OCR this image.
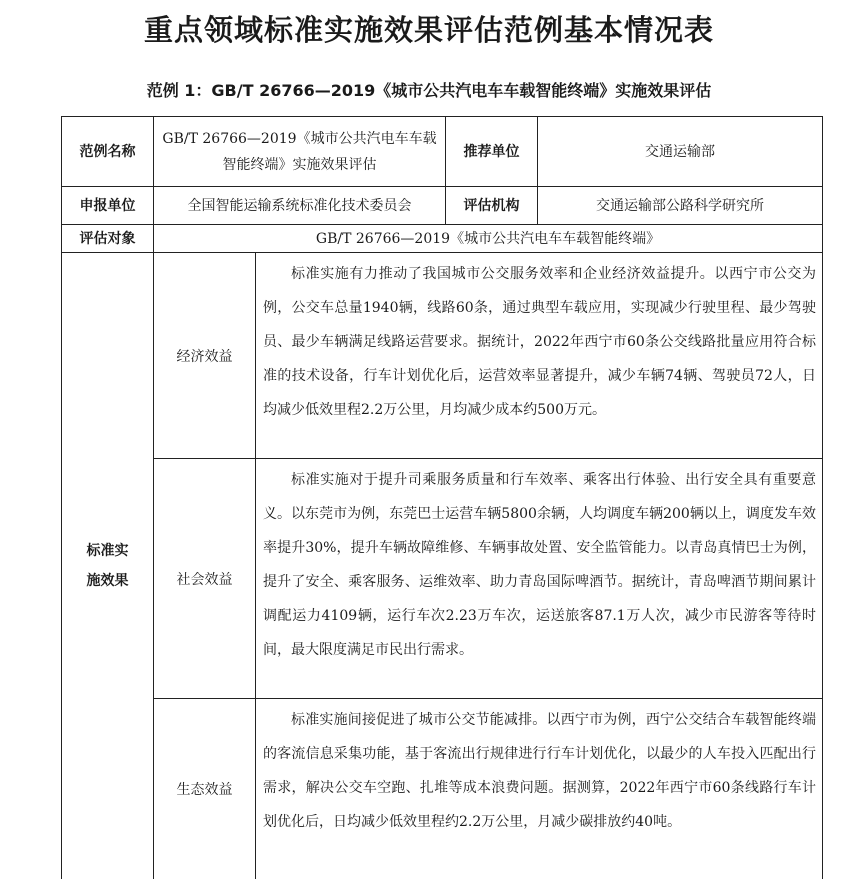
重点领域标准实施效果评估范例基本情况表
范例 1：GB/T 26766—2019《城市公共汽电车车载智能终端》实施效果评估
范例名称	GB/T 26766—2019《城市公共汽电车车载智能终端》实施效果评估		推荐单位	交通运输部
申报单位	全国智能运输系统标准化技术委员会		评估机构	交通运输部公路科学研究所
评估对象	GB/T 26766—2019《城市公共汽电车车载智能终端》			
标准实施效果	经济效益	标准实施有力推动了我国城市公交服务效率和企业经济效益提升。以西宁市公交为例，公交车总量1940辆，线路60条，通过典型车载应用，实现减少行驶里程、最少驾驶员、最少车辆满足线路运营要求。据统计，2022年西宁市60条公交线路批量应用符合标准的技术设备，行车计划优化后，运营效率显著提升，减少车辆74辆、驾驶员72人，日均减少低效里程2.2万公里，月均减少成本约500万元。		
	社会效益	标准实施对于提升司乘服务质量和行车效率、乘客出行体验、出行安全具有重要意义。以东莞市为例，东莞巴士运营车辆5800余辆，人均调度车辆200辆以上，调度发车效率提升30%，提升车辆故障维修、车辆事故处置、安全监管能力。以青岛真情巴士为例，提升了安全、乘客服务、运维效率、助力青岛国际啤酒节。据统计，青岛啤酒节期间累计调配运力4109辆，运行车次2.23万车次，运送旅客87.1万人次，减少市民游客等待时间，最大限度满足市民出行需求。		
	生态效益	标准实施间接促进了城市公交节能减排。以西宁市为例，西宁公交结合车载智能终端的客流信息采集功能，基于客流出行规律进行行车计划优化，以最少的人车投入匹配出行需求，解决公交车空跑、扎堆等成本浪费问题。据测算，2022年西宁市60条线路行车计划优化后，日均减少低效里程约2.2万公里，月减少碳排放约40吨。		
